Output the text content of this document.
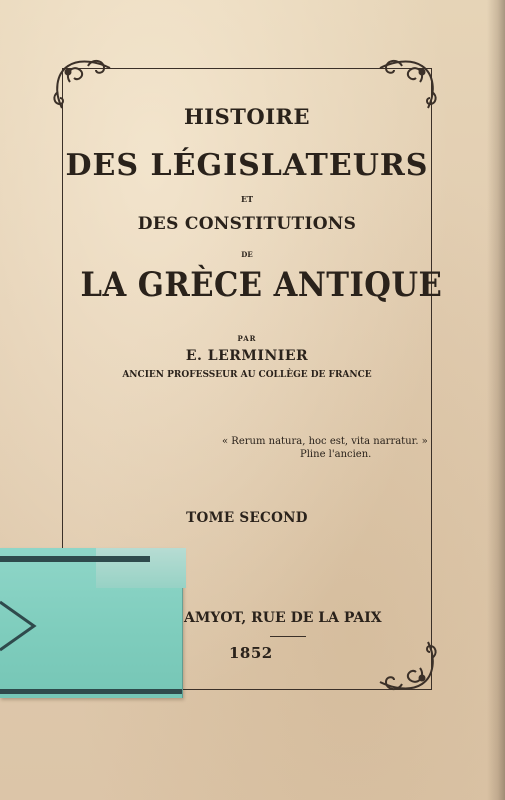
HISTOIRE
DES LÉGISLATEURS
ET
DES CONSTITUTIONS
DE
LA GRÈCE ANTIQUE
PAR
E. LERMINIER
ANCIEN PROFESSEUR AU COLLÈGE DE FRANCE
« Rerum natura, hoc est, vita narratur. »
Pline l'ancien.
TOME SECOND
AMYOT, RUE DE LA PAIX
1852
